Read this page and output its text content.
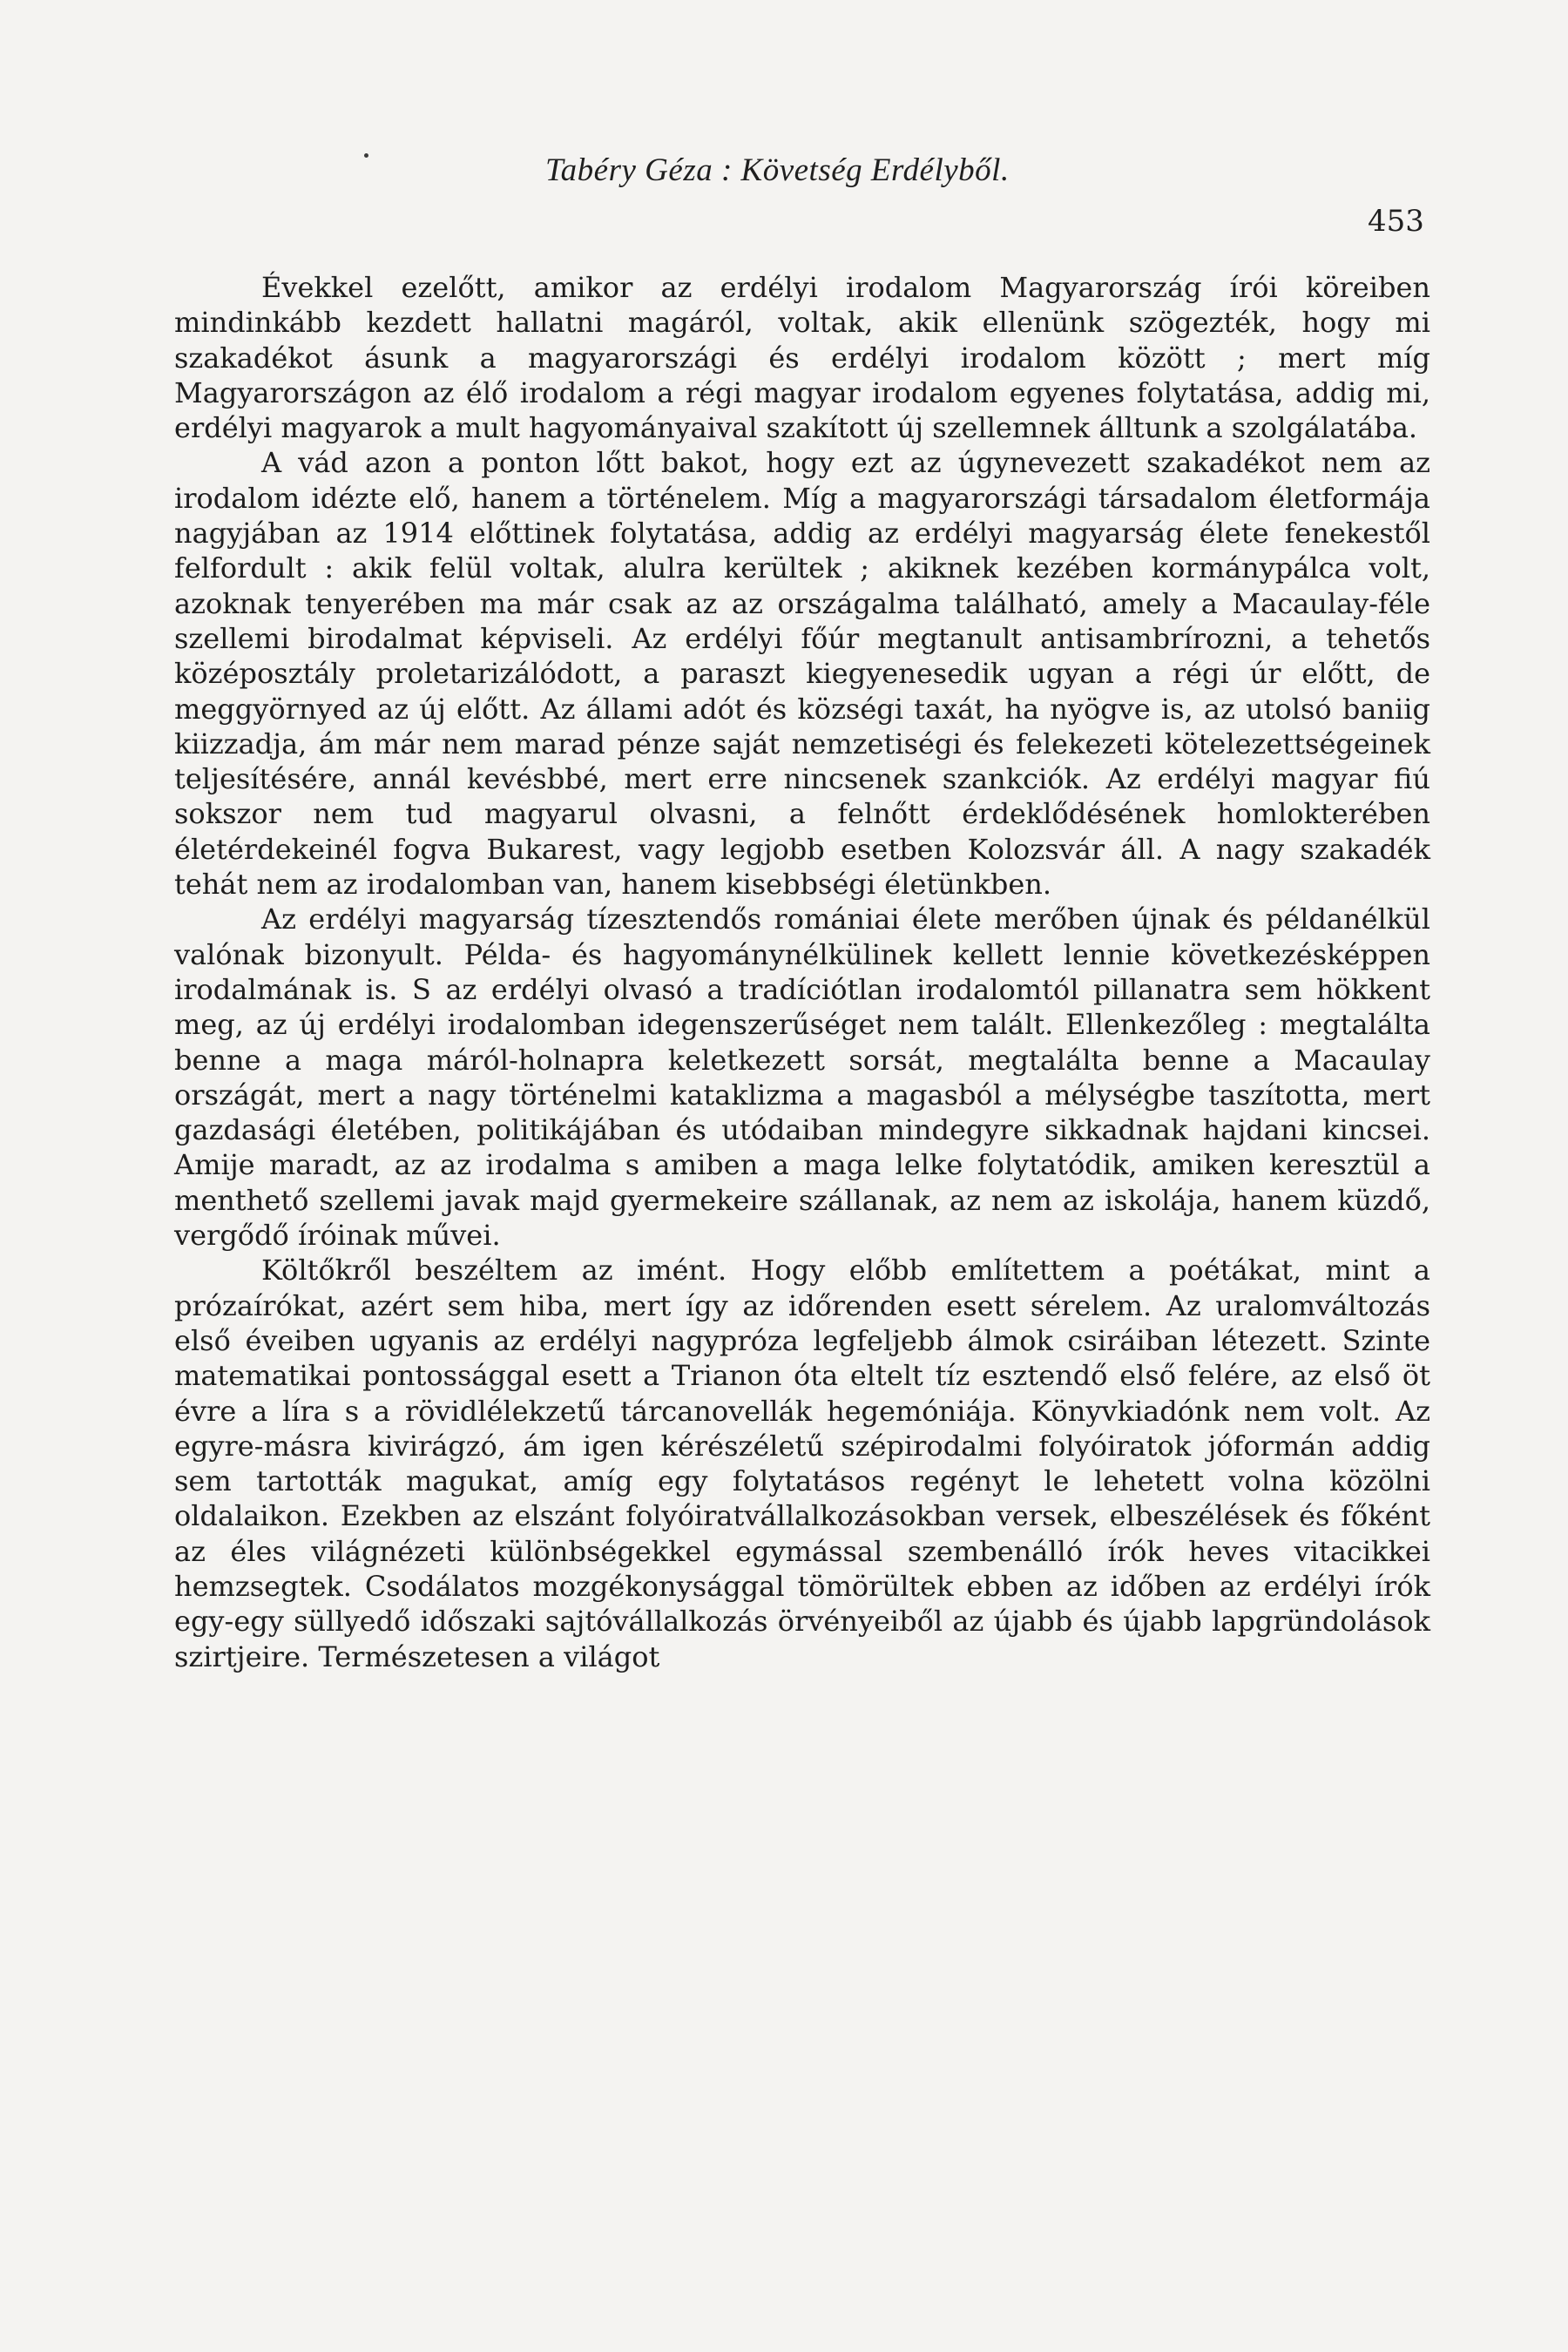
Tabéry Géza : Követség Erdélyből.
453

Évekkel ezelőtt, amikor az erdélyi irodalom Magyarország írói köreiben mindinkább kezdett hallatni magáról, voltak, akik ellenünk szögezték, hogy mi szakadékot ásunk a magyarországi és erdélyi irodalom között ; mert míg Magyarországon az élő irodalom a régi magyar irodalom egyenes folytatása, addig mi, erdélyi magyarok a mult hagyományaival szakított új szellemnek álltunk a szolgálatába.

A vád azon a ponton lőtt bakot, hogy ezt az úgynevezett szakadékot nem az irodalom idézte elő, hanem a történelem. Míg a magyarországi társadalom életformája nagyjában az 1914 előttinek folytatása, addig az erdélyi magyarság élete fenekestől felfordult : akik felül voltak, alulra kerültek ; akiknek kezében kormánypálca volt, azoknak tenyerében ma már csak az az országalma található, amely a Macaulay-féle szellemi birodalmat képviseli. Az erdélyi főúr megtanult antisambrírozni, a tehetős középosztály proletarizálódott, a paraszt kiegyenesedik ugyan a régi úr előtt, de meggyörnyed az új előtt. Az állami adót és községi taxát, ha nyögve is, az utolsó baniig kiizzadja, ám már nem marad pénze saját nemzetiségi és felekezeti kötelezettségeinek teljesítésére, annál kevésbbé, mert erre nincsenek szankciók. Az erdélyi magyar fiú sokszor nem tud magyarul olvasni, a felnőtt érdeklődésének homlokterében életérdekeinél fogva Bukarest, vagy legjobb esetben Kolozsvár áll. A nagy szakadék tehát nem az irodalomban van, hanem kisebbségi életünkben.

Az erdélyi magyarság tízesztendős romániai élete merőben újnak és példanélkül valónak bizonyult. Példa- és hagyománynélkülinek kellett lennie következésképpen irodalmának is. S az erdélyi olvasó a tradíciótlan irodalomtól pillanatra sem hökkent meg, az új erdélyi irodalomban idegenszerűséget nem talált. Ellenkezőleg : megtalálta benne a maga máról-holnapra keletkezett sorsát, megtalálta benne a Macaulay országát, mert a nagy történelmi kataklizma a magasból a mélységbe taszította, mert gazdasági életében, politikájában és utódaiban mindegyre sikkadnak hajdani kincsei. Amije maradt, az az irodalma s amiben a maga lelke folytatódik, amiken keresztül a menthető szellemi javak majd gyermekeire szállanak, az nem az iskolája, hanem küzdő, vergődő íróinak művei.

Költőkről beszéltem az imént. Hogy előbb említettem a poétákat, mint a prózaírókat, azért sem hiba, mert így az időrenden esett sérelem. Az uralomváltozás első éveiben ugyanis az erdélyi nagypróza legfeljebb álmok csiráiban létezett. Szinte matematikai pontossággal esett a Trianon óta eltelt tíz esztendő első felére, az első öt évre a líra s a rövidlélekzetű tárcanovellák hegemóniája. Könyvkiadónk nem volt. Az egyre-másra kivirágzó, ám igen kérészéletű szépirodalmi folyóiratok jóformán addig sem tartották magukat, amíg egy folytatásos regényt le lehetett volna közölni oldalaikon. Ezekben az elszánt folyóiratvállalkozásokban versek, elbeszélések és főként az éles világnézeti különbségekkel egymással szembenálló írók heves vitacikkei hemzsegtek. Csodálatos mozgékonysággal tömörültek ebben az időben az erdélyi írók egy-egy süllyedő időszaki sajtóvállalkozás örvényeiből az újabb és újabb lapgründolások szirtjeire. Természetesen a világot
